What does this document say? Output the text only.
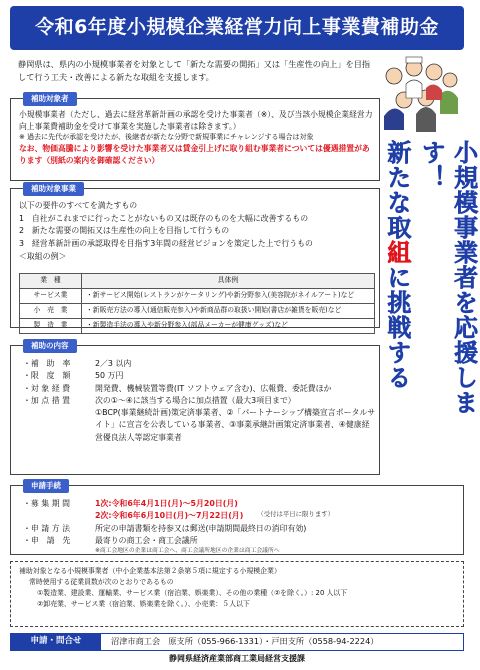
令和6年度小規模企業経営力向上事業費補助金

静岡県は、県内の小規模事業者を対象として「新たな需要の開拓」又は「生産性の向上」を目指して行う工夫・改善による新たな取組を支援します。

補助対象者
小規模事業者（ただし、過去に経営革新計画の承認を受けた事業者（※）、及び当該小規模企業経営力向上事業費補助金を受けて事業を実施した事業者は除きます。）
※ 過去に先代が承認を受けたが、後継者が新たな分野で新規事業にチャレンジする場合は対象
なお、物価高騰により影響を受けた事業者又は賃金引上げに取り組む事業者については優遇措置があります（別紙の案内を御確認ください）
補助対象事業
以下の要件のすべてを満たすもの
1　自社がこれまでに行ったことがないもの又は既存のものを大幅に改善するもの
2　新たな需要の開拓又は生産性の向上を目指して行うもの
3　経営革新計画の承認取得を目指す3年間の経営ビジョンを策定した上で行うもの
＜取組の例＞
業　種	具体例
サービス業	・新サービス開始(レストランがケータリング)や新分野参入(美容院がネイルアート)など
小　売　業	・新販売方法の導入(通信販売参入)や新商品群の取扱い開始(書店が雑貨を販売)など
製　造　業	・新製造手法の導入や新分野参入(部品メーカーが健康グッズ)など
新たな取組に挑戦する	小規模事業者を応援します！
補助の内容
・補　助　率	2／3 以内
・限　度　額	50 万円
・対 象 経 費	開発費、機械装置等費(IT ソフトウェア含む)、広報費、委託費ほか
・加 点 措 置	次の①～④に該当する場合に加点措置（最大3項目まで）
①BCP(事業継続計画)策定済事業者、②「パートナーシップ構築宣言ポータルサイト」に宣言を公表している事業者、③事業承継計画策定済事業者、④健康経営優良法人等認定事業者
申請手続
・募 集 期 間	1次:令和6年4月1日(月)～5月20日(月)
2次:令和6年6月10日(月)～7月22日(月) （受付は平日に限ります）
・申 請 方 法	所定の申請書類を持参又は郵送(申請期間最終日の消印有効)
・申　請　先	最寄りの商工会・商工会議所
※商工会地区の企業は商工会へ、商工会議所地区の企業は商工会議所へ
補助対象となる小規模事業者（中小企業基本法第２条第５項に規定する小規模企業）
常時使用する従業員数が次のとおりであるもの
①製造業、建設業、運輸業、サービス業（宿泊業、娯楽業）、その他の業種（②を除く。）: 20 人以下
②卸売業、サービス業（宿泊業、娯楽業を除く。）、小売業：５人以下
申請・問合せ	沼津市商工会　原支所（055-966-1331）・戸田支所（0558-94-2224）
静岡県経済産業部商工業局経営支援課
